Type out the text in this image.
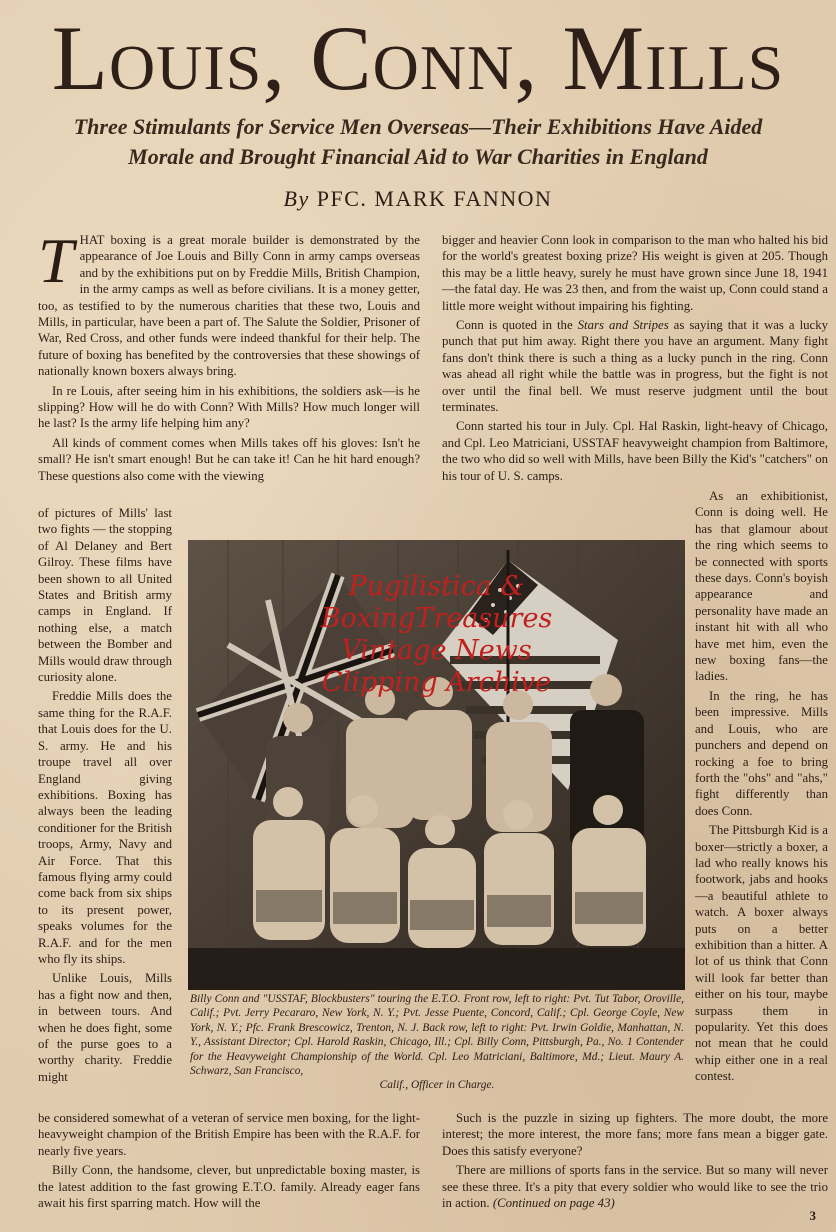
Louis, Conn, Mills
Three Stimulants for Service Men Overseas—Their Exhibitions Have Aided
Morale and Brought Financial Aid to War Charities in England
By PFC. MARK FANNON

THAT boxing is a great morale builder is demonstrated by the appearance of Joe Louis and Billy Conn in army camps overseas and by the exhibitions put on by Freddie Mills, British Champion, in the army camps as well as before civilians. It is a money getter, too, as testified to by the numerous charities that these two, Louis and Mills, in particular, have been a part of. The Salute the Soldier, Prisoner of War, Red Cross, and other funds were indeed thankful for their help. The future of boxing has benefited by the controversies that these showings of nationally known boxers always bring.

In re Louis, after seeing him in his exhibitions, the soldiers ask—is he slipping? How will he do with Conn? With Mills? How much longer will he last? Is the army life helping him any?

All kinds of comment comes when Mills takes off his gloves: Isn't he small? He isn't smart enough! But he can take it! Can he hit hard enough? These questions also come with the viewing

bigger and heavier Conn look in comparison to the man who halted his bid for the world's greatest boxing prize? His weight is given at 205. Though this may be a little heavy, surely he must have grown since June 18, 1941—the fatal day. He was 23 then, and from the waist up, Conn could stand a little more weight without impairing his fighting.

Conn is quoted in the Stars and Stripes as saying that it was a lucky punch that put him away. Right there you have an argument. Many fight fans don't think there is such a thing as a lucky punch in the ring. Conn was ahead all right while the battle was in progress, but the fight is not over until the final bell. We must reserve judgment until the bout terminates.

Conn started his tour in July. Cpl. Hal Raskin, light-heavy of Chicago, and Cpl. Leo Matriciani, USSTAF heavyweight champion from Baltimore, the two who did so well with Mills, have been Billy the Kid's "catchers" on his tour of U. S. camps.

of pictures of Mills' last two fights — the stopping of Al Delaney and Bert Gilroy. These films have been shown to all United States and British army camps in England. If nothing else, a match between the Bomber and Mills would draw through curiosity alone.

Freddie Mills does the same thing for the R.A.F. that Louis does for the U. S. army. He and his troupe travel all over England giving exhibitions. Boxing has always been the leading conditioner for the British troops, Army, Navy and Air Force. That this famous flying army could come back from six ships to its present power, speaks volumes for the R.A.F. and for the men who fly its ships.

Unlike Louis, Mills has a fight now and then, in between tours. And when he does fight, some of the purse goes to a worthy charity. Freddie might

Pugilistica &
BoxingTreasures
Vintage News
Clipping Archive

As an exhibitionist, Conn is doing well. He has that glamour about the ring which seems to be connected with sports these days. Conn's boyish appearance and personality have made an instant hit with all who have met him, even the new boxing fans—the ladies.

In the ring, he has been impressive. Mills and Louis, who are punchers and depend on rocking a foe to bring forth the "ohs" and "ahs," fight differently than does Conn.

The Pittsburgh Kid is a boxer—strictly a boxer, a lad who really knows his footwork, jabs and hooks—a beautiful athlete to watch. A boxer always puts on a better exhibition than a hitter. A lot of us think that Conn will look far better than either on his tour, maybe surpass them in popularity. Yet this does not mean that he could whip either one in a real contest.

Billy Conn and "USSTAF, Blockbusters" touring the E.T.O. Front row, left to right: Pvt. Tut Tabor, Oroville, Calif.; Pvt. Jerry Pecararo, New York, N. Y.; Pvt. Jesse Puente, Concord, Calif.; Cpl. George Coyle, New York, N. Y.; Pfc. Frank Brescowicz, Trenton, N. J. Back row, left to right: Pvt. Irwin Goldie, Manhattan, N. Y., Assistant Director; Cpl. Harold Raskin, Chicago, Ill.; Cpl. Billy Conn, Pittsburgh, Pa., No. 1 Contender for the Heavyweight Championship of the World. Cpl. Leo Matriciani, Baltimore, Md.; Lieut. Maury A. Schwarz, San Francisco,
Calif., Officer in Charge.

be considered somewhat of a veteran of service men boxing, for the light-heavyweight champion of the British Empire has been with the R.A.F. for nearly five years.

Billy Conn, the handsome, clever, but unpredictable boxing master, is the latest addition to the fast growing E.T.O. family. Already eager fans await his first sparring match. How will the

Such is the puzzle in sizing up fighters. The more doubt, the more interest; the more interest, the more fans; more fans mean a bigger gate. Does this satisfy everyone?

There are millions of sports fans in the service. But so many will never see these three. It's a pity that every soldier who would like to see the trio in action. (Continued on page 43)

3
